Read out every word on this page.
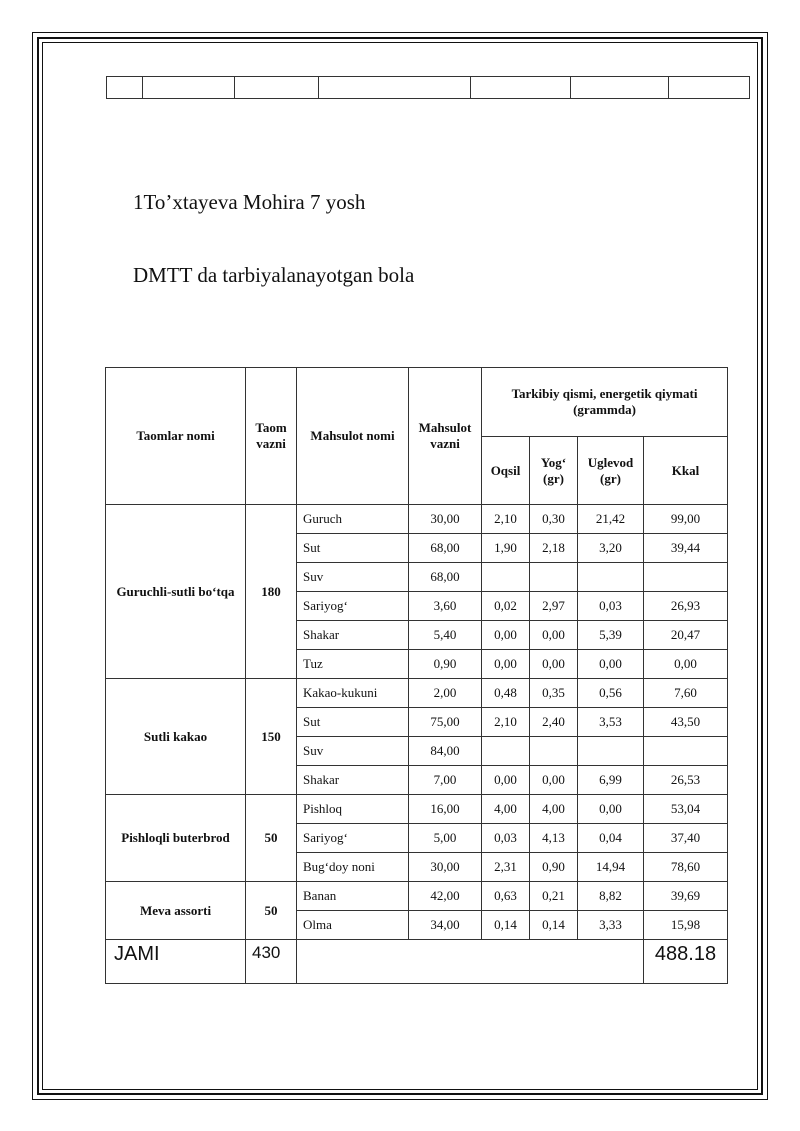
1To’xtayeva Mohira 7 yosh
DMTT da tarbiyalanayotgan bola
Taomlar nomi	Taom vazni	Mahsulot nomi	Mahsulot vazni	Tarkibiy qismi, energetik qiymati (grammda)			
				Oqsil	Yog‘ (gr)	Uglevod (gr)	Kkal
Guruchli-sutli bo‘tqa	180	Guruch	30,00	2,10	0,30	21,42	99,00
		Sut	68,00	1,90	2,18	3,20	39,44
		Suv	68,00				
		Sariyog‘	3,60	0,02	2,97	0,03	26,93
		Shakar	5,40	0,00	0,00	5,39	20,47
		Tuz	0,90	0,00	0,00	0,00	0,00
Sutli kakao	150	Kakao-kukuni	2,00	0,48	0,35	0,56	7,60
		Sut	75,00	2,10	2,40	3,53	43,50
		Suv	84,00				
		Shakar	7,00	0,00	0,00	6,99	26,53
Pishloqli buterbrod	50	Pishloq	16,00	4,00	4,00	0,00	53,04
		Sariyog‘	5,00	0,03	4,13	0,04	37,40
		Bug‘doy noni	30,00	2,31	0,90	14,94	78,60
Meva assorti	50	Banan	42,00	0,63	0,21	8,82	39,69
		Olma	34,00	0,14	0,14	3,33	15,98
JAMI	430						488.18
